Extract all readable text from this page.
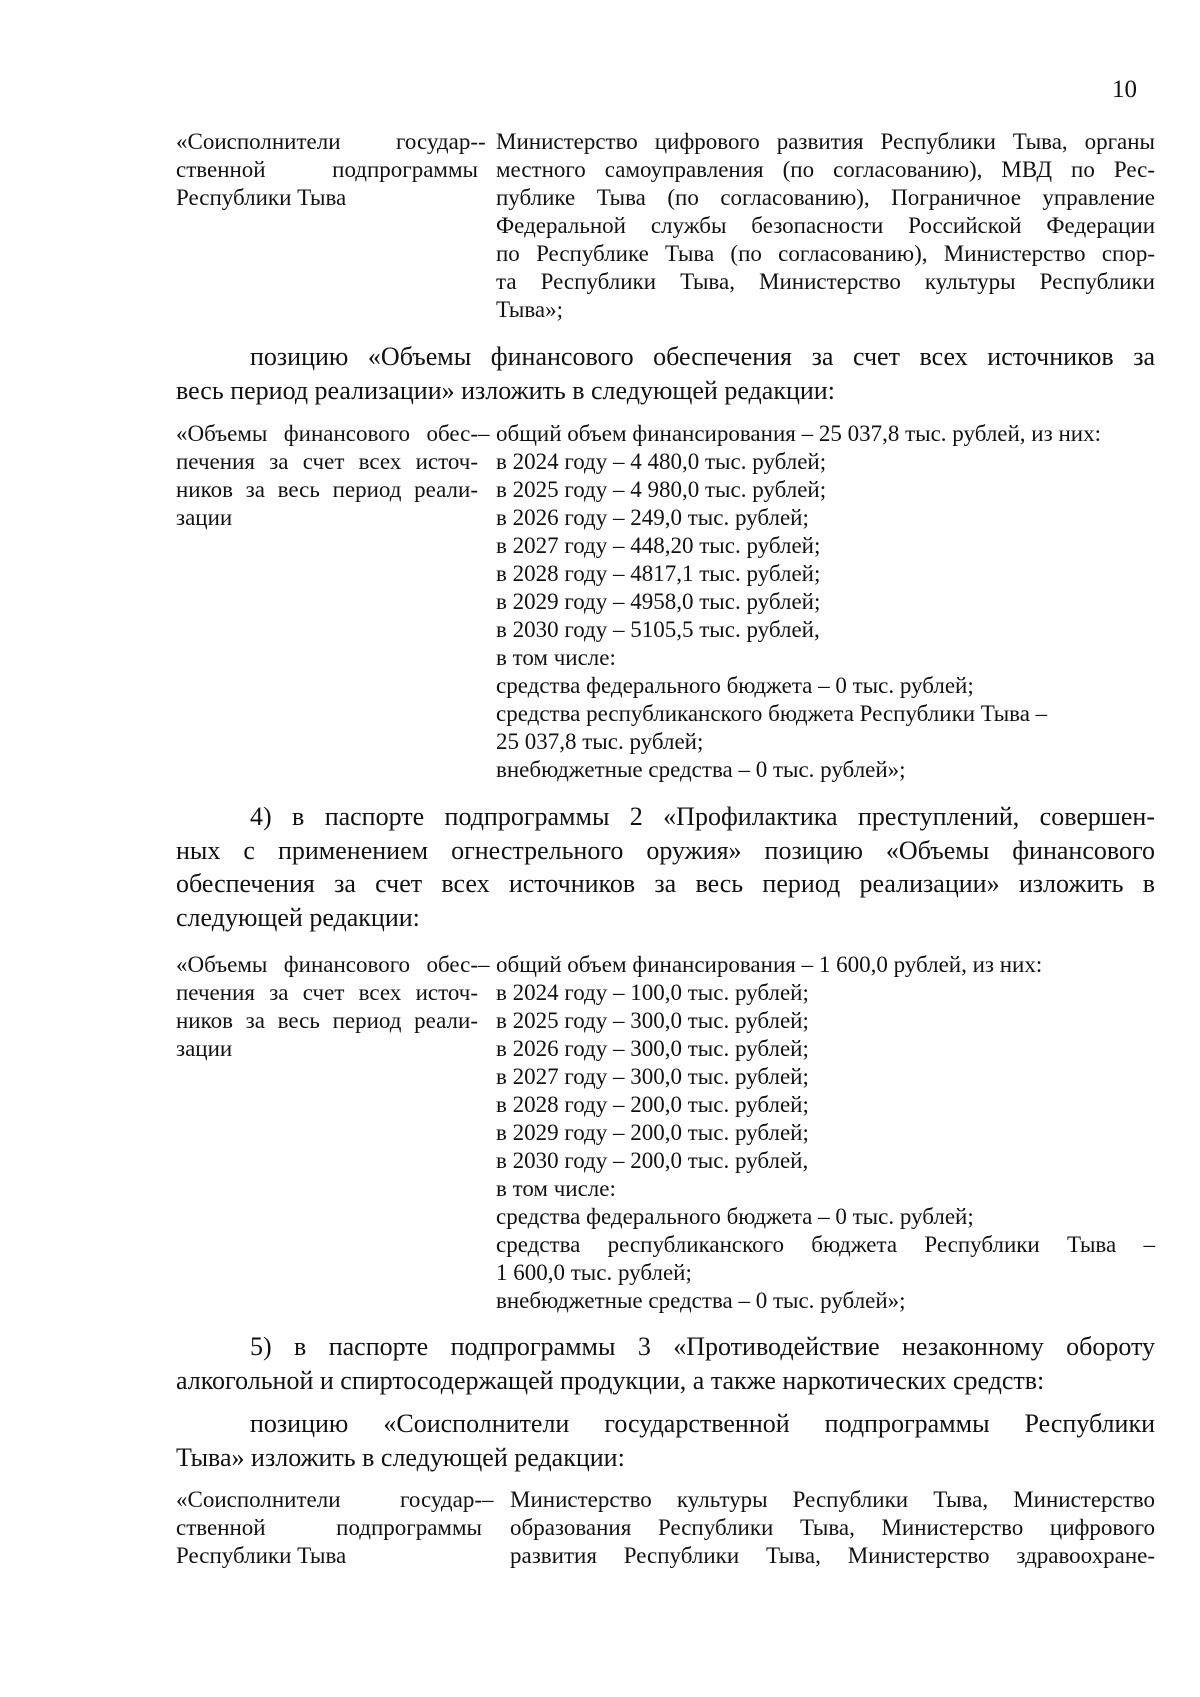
10
«Соисполнители государ-
ственной подпрограммы
Республики Тыва
- Министерство цифрового развития Республики Тыва, органы
местного самоуправления (по согласованию), МВД по Рес-
публике Тыва (по согласованию), Пограничное управление
Федеральной службы безопасности Российской Федерации
по Республике Тыва (по согласованию), Министерство спор-
та Республики Тыва, Министерство культуры Республики
Тыва»;
позицию «Объемы финансового обеспечения за счет всех источников за
весь период реализации» изложить в следующей редакции:
«Объемы финансового обес-
печения за счет всех источ-
ников за весь период реали-
зации
– общий объем финансирования – 25 037,8 тыс. рублей, из них:
в 2024 году – 4 480,0 тыс. рублей;
в 2025 году – 4 980,0 тыс. рублей;
в 2026 году – 249,0 тыс. рублей;
в 2027 году – 448,20 тыс. рублей;
в 2028 году – 4817,1 тыс. рублей;
в 2029 году – 4958,0 тыс. рублей;
в 2030 году – 5105,5 тыс. рублей,
в том числе:
средства федерального бюджета – 0 тыс. рублей;
средства республиканского бюджета Республики Тыва –
25 037,8 тыс. рублей;
внебюджетные средства – 0 тыс. рублей»;
4) в паспорте подпрограммы 2 «Профилактика преступлений, совершен-
ных с применением огнестрельного оружия» позицию «Объемы финансового
обеспечения за счет всех источников за весь период реализации» изложить в
следующей редакции:
«Объемы финансового обес-
печения за счет всех источ-
ников за весь период реали-
зации
– общий объем финансирования – 1 600,0 рублей, из них:
в 2024 году – 100,0 тыс. рублей;
в 2025 году – 300,0 тыс. рублей;
в 2026 году – 300,0 тыс. рублей;
в 2027 году – 300,0 тыс. рублей;
в 2028 году – 200,0 тыс. рублей;
в 2029 году – 200,0 тыс. рублей;
в 2030 году – 200,0 тыс. рублей,
в том числе:
средства федерального бюджета – 0 тыс. рублей;
средства республиканского бюджета Республики Тыва –
1 600,0 тыс. рублей;
внебюджетные средства – 0 тыс. рублей»;
5) в паспорте подпрограммы 3 «Противодействие незаконному обороту
алкогольной и спиртосодержащей продукции, а также наркотических средств:
позицию «Соисполнители государственной подпрограммы Республики
Тыва» изложить в следующей редакции:
«Соисполнители государ-
ственной подпрограммы
Республики Тыва
– Министерство культуры Республики Тыва, Министерство
образования Республики Тыва, Министерство цифрового
развития Республики Тыва, Министерство здравоохране-
